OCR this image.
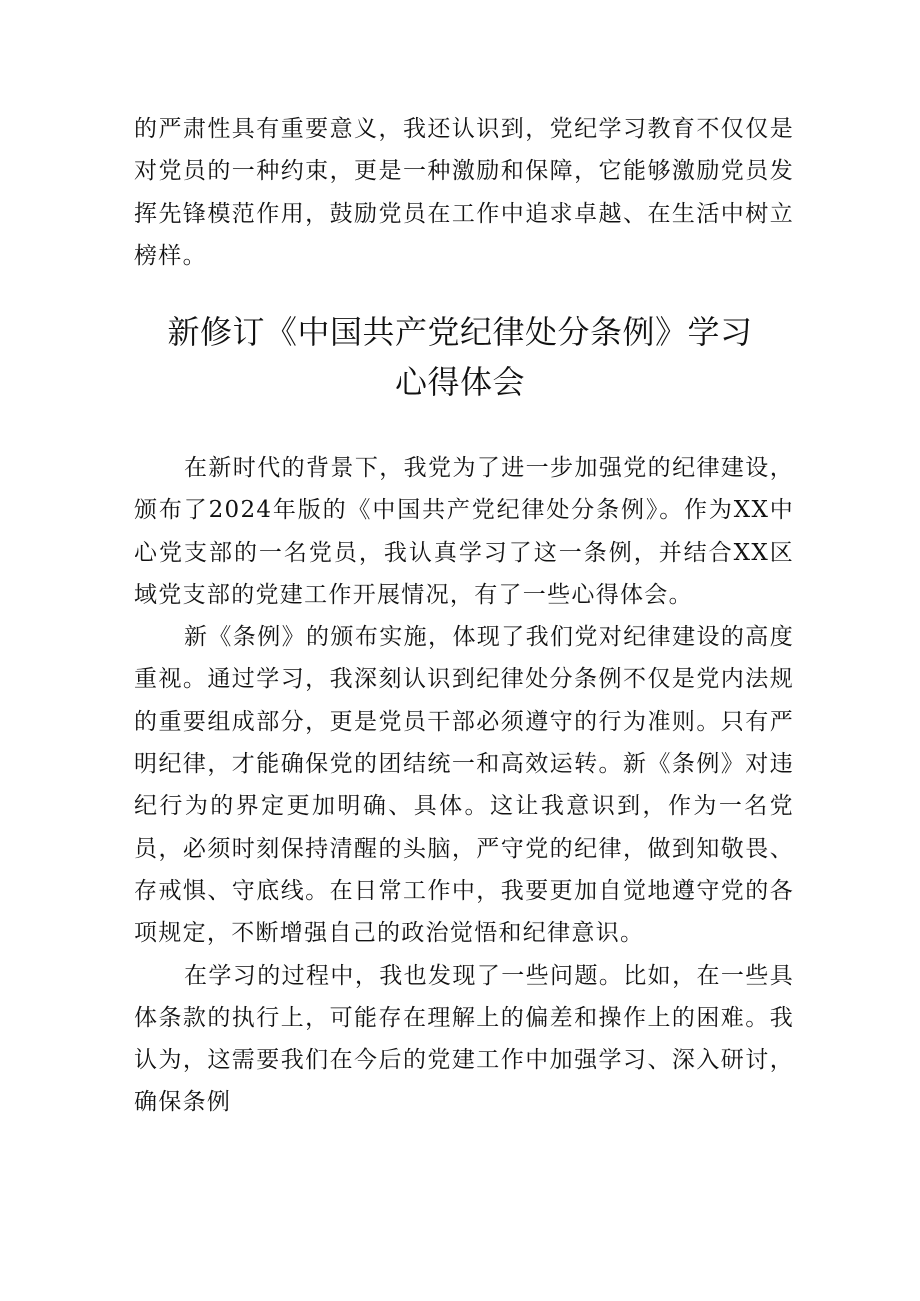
的严肃性具有重要意义，我还认识到，党纪学习教育不仅仅是对党员的一种约束，更是一种激励和保障，它能够激励党员发挥先锋模范作用，鼓励党员在工作中追求卓越、在生活中树立榜样。

新修订《中国共产党纪律处分条例》学习
心得体会

在新时代的背景下，我党为了进一步加强党的纪律建设，颁布了2024年版的《中国共产党纪律处分条例》。作为XX中心党支部的一名党员，我认真学习了这一条例，并结合XX区域党支部的党建工作开展情况，有了一些心得体会。

新《条例》的颁布实施，体现了我们党对纪律建设的高度重视。通过学习，我深刻认识到纪律处分条例不仅是党内法规的重要组成部分，更是党员干部必须遵守的行为准则。只有严明纪律，才能确保党的团结统一和高效运转。新《条例》对违纪行为的界定更加明确、具体。这让我意识到，作为一名党员，必须时刻保持清醒的头脑，严守党的纪律，做到知敬畏、存戒惧、守底线。在日常工作中，我要更加自觉地遵守党的各项规定，不断增强自己的政治觉悟和纪律意识。

在学习的过程中，我也发现了一些问题。比如，在一些具体条款的执行上，可能存在理解上的偏差和操作上的困难。我认为，这需要我们在今后的党建工作中加强学习、深入研讨，确保条例
